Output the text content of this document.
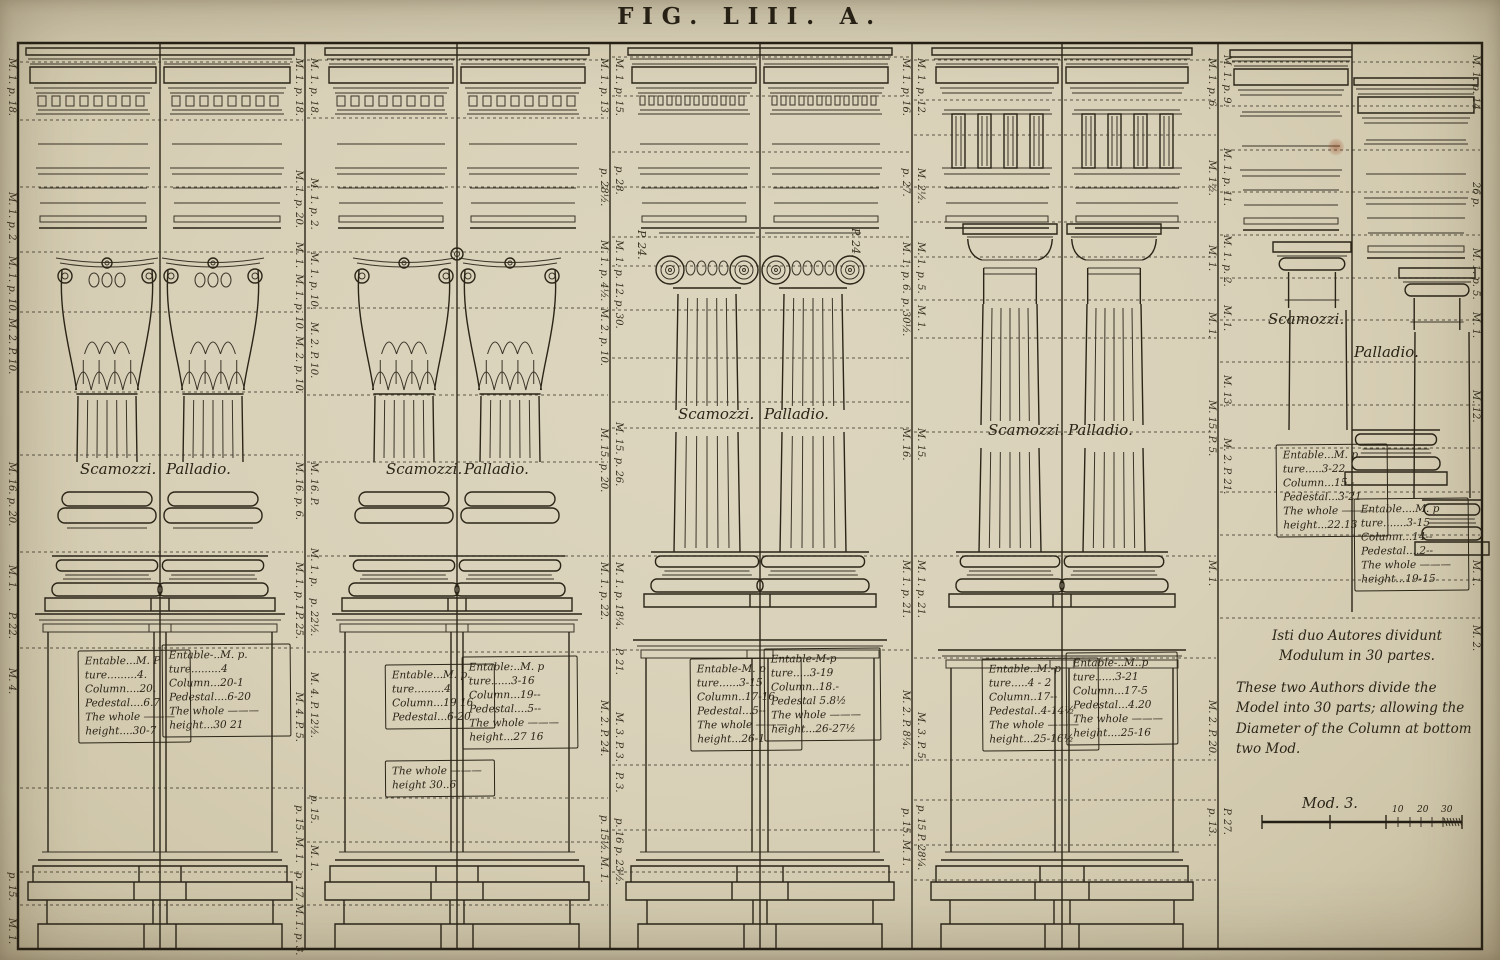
FIG. LIII. A.
Entable...M. P
ture.........4.
Column....20.
Pedestal....6.7
The whole ———
height....30-7
Entable-..M. p.
ture.........4
Column...20-1
Pedestal....6-20
The whole ———
height...30 21
Entable...M. p.
ture.........4
Column...19 16
Pedestal...6-20
The whole ———
height 30..6
Entable:..M. p
ture......3-16
Column...19--
Pedestal....5--
The whole ———
height...27 16
Entable-M. p
ture......3-15
Column..17-16
Pedestal...5--
The whole ———
height...26-1
Entable-M-p
ture.....3-19
Column..18.-
Pedestal 5.8½
The whole ———
height...26-27½
Entable..M.-p
ture.....4 - 2
Column..17--
Pedestal..4-14½
The whole ———
height...25-16½
Entable-..M..p
ture......3-21
Column...17-5
Pedestal...4.20
The whole ———
height....25-16
Entable...M. p.
ture.....3-22
Column...15.-
Pedestal...3-21
The whole ———
height...22.13
Entable....M. p
ture.......3-15
Column...14--
Pedestal....2--
The whole ———
height...19-15
Scamozzi. Palladio.	Scamozzi. Palladio.
Scamozzi. Palladio.
Scamozzi. Palladio.
Scamozzi.
Palladio.
M. 1. p. 18.
M. 1. p. 2.
M. 1. p. 10.
M. 2. P. 10.
M. 16. p. 20.
M. 1.
P. 22.
M. 4.
p. 15.
M. 1.
M. 1. p. 18.
M. 1. p. 20.
M. 1.
M. 1. p. 10.
M. 2. p. 10.
M. 16. p. 6.
M. 1. p. 1.
P. 25.
M. 4. P. 5.
p. 15. M. 1.
p. 17. M. 1. p. 3.
M. 1. p. 18.
M. 1. p. 2.
M. 1. p. 10.
M. 2. P. 10.
M. 16. P.
M. 1. p.
p. 22½.
M. 4. P. 12½.
p. 15.
M. 1.
M. 1. p. 13.
p. 28½.
M. 1. p. 4½.
M. 2. p. 10.
M. 15. p. 20.
M. 1. p. 22.
M. 2. P. 24.
p. 15½. M. 1.
M. 1. p. 15.
p. 28.
M. 1. p. 12.
p. 30.
M. 15. p. 26.
M. 1. p. 18¼.
P. 21.
M. 3. P. 3.
P. 3.
p. 16 p. 23½.
M. 1. p. 16.
p. 27.
M. 1. p. 6.
p. 30½.
M. 16.
M. 1. p. 21.
M. 2. P. 8¼.
p. 15. M. 1.
M. 1. p. 12.
M. 2½.
M. 1. p. 5.
M. 1.
M. 15.
M. 1. p. 21.
M. 3. P. 5.
p. 15 P. 28¼.
M. 1. p. 6.
M. 1½.
M. 1.
M. 1.
M. 15. P. 5.
M. 1.
M. 2. P. 20.
p. 13.
M. 1. p. 9.
M. 1. p. 11.
M. 1. p. 2.
M. 1.
M. 13.
M. 2. P. 21.
P. 27.
M. 1. p. 14.
26 p.
M. 1. p. 5.
M. 1.
M. 12.
M. 1.
M. 2.
P. 24.	P. 24.
Isti duo Autores dividunt
Modulum in 30 partes.
These two Authors divide the
Model into 30 parts; allowing the
Diameter of the Column at bottom
two Mod.
Mod. 3.	10 20 30
